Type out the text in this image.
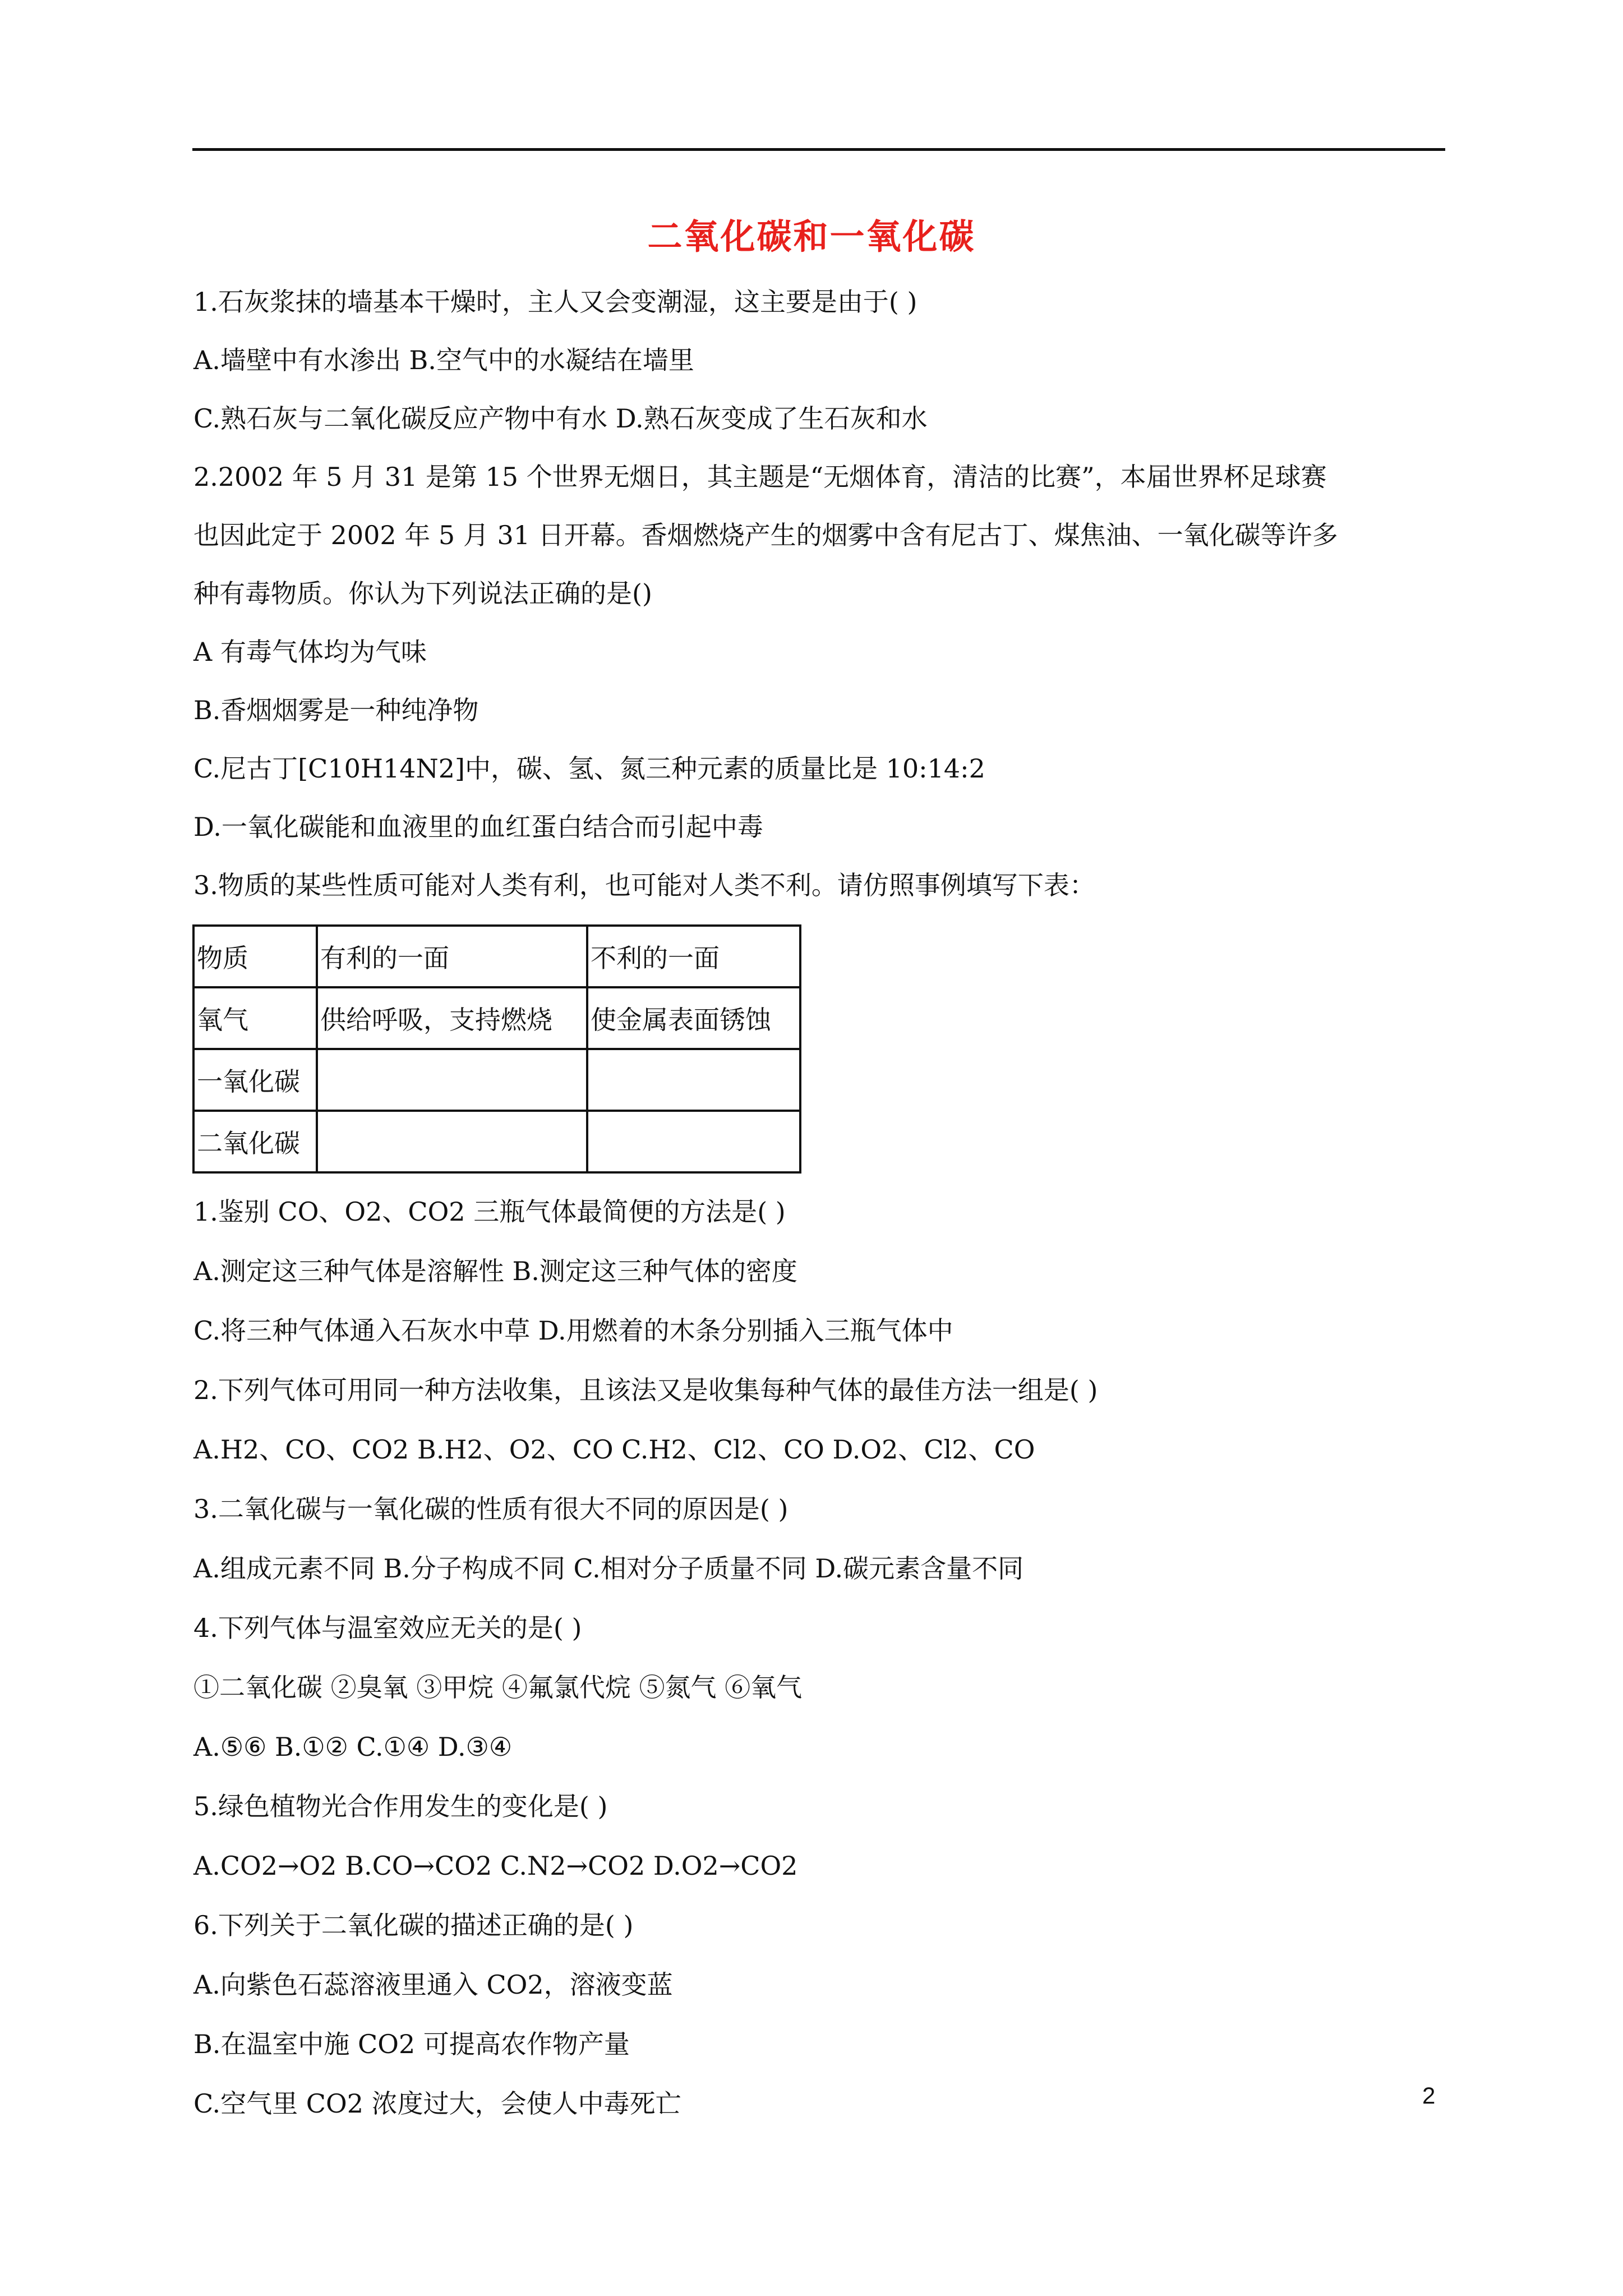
二氧化碳和一氧化碳
1.石灰浆抹的墙基本干燥时，主人又会变潮湿，这主要是由于( )
A.墙壁中有水渗出 B.空气中的水凝结在墙里
C.熟石灰与二氧化碳反应产物中有水 D.熟石灰变成了生石灰和水
2.2002 年 5 月 31 是第 15 个世界无烟日，其主题是“无烟体育，清洁的比赛”，本届世界杯足球赛
也因此定于 2002 年 5 月 31 日开幕。香烟燃烧产生的烟雾中含有尼古丁、煤焦油、一氧化碳等许多
种有毒物质。你认为下列说法正确的是()
A 有毒气体均为气味
B.香烟烟雾是一种纯净物
C.尼古丁[C10H14N2]中，碳、氢、氮三种元素的质量比是 10:14:2
D.一氧化碳能和血液里的血红蛋白结合而引起中毒
3.物质的某些性质可能对人类有利，也可能对人类不利。请仿照事例填写下表：
物质	有利的一面	不利的一面
氧气	供给呼吸，支持燃烧	使金属表面锈蚀
一氧化碳		
二氧化碳		
1.鉴别 CO、O2、CO2 三瓶气体最简便的方法是( )
A.测定这三种气体是溶解性 B.测定这三种气体的密度
C.将三种气体通入石灰水中草 D.用燃着的木条分别插入三瓶气体中
2.下列气体可用同一种方法收集，且该法又是收集每种气体的最佳方法一组是( )
A.H2、CO、CO2 B.H2、O2、CO C.H2、Cl2、CO D.O2、Cl2、CO
3.二氧化碳与一氧化碳的性质有很大不同的原因是( )
A.组成元素不同 B.分子构成不同 C.相对分子质量不同 D.碳元素含量不同
4.下列气体与温室效应无关的是( )
①二氧化碳 ②臭氧 ③甲烷 ④氟氯代烷 ⑤氮气 ⑥氧气
A.⑤⑥ B.①② C.①④ D.③④
5.绿色植物光合作用发生的变化是( )
A.CO2→O2 B.CO→CO2 C.N2→CO2 D.O2→CO2
6.下列关于二氧化碳的描述正确的是( )
A.向紫色石蕊溶液里通入 CO2，溶液变蓝
B.在温室中施 CO2 可提高农作物产量
C.空气里 CO2 浓度过大，会使人中毒死亡	2
